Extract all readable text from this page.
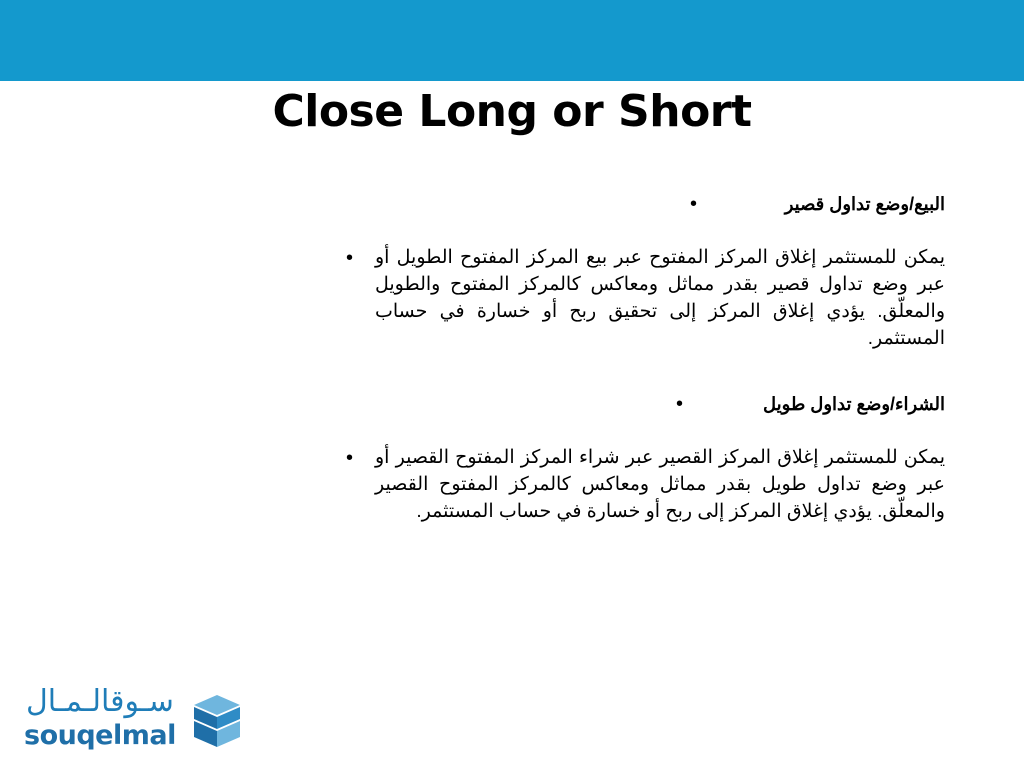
Close Long or Short
البيع/وضع تداول قصير
•
يمكن للمستثمر إغلاق المركز المفتوح عبر بيع المركز المفتوح الطويل أو عبر وضع تداول قصير بقدر مماثل ومعاكس كالمركز المفتوح والطويل والمعلّق. يؤدي إغلاق المركز إلى تحقيق ربح أو خسارة في حساب المستثمر.
•
الشراء/وضع تداول طويل
•
يمكن للمستثمر إغلاق المركز القصير عبر شراء المركز المفتوح القصير أو عبر وضع تداول طويل بقدر مماثل ومعاكس كالمركز المفتوح القصير والمعلّق. يؤدي إغلاق المركز إلى ربح أو خسارة في حساب المستثمر.
•
سـوقالـمـال
souqelmal
